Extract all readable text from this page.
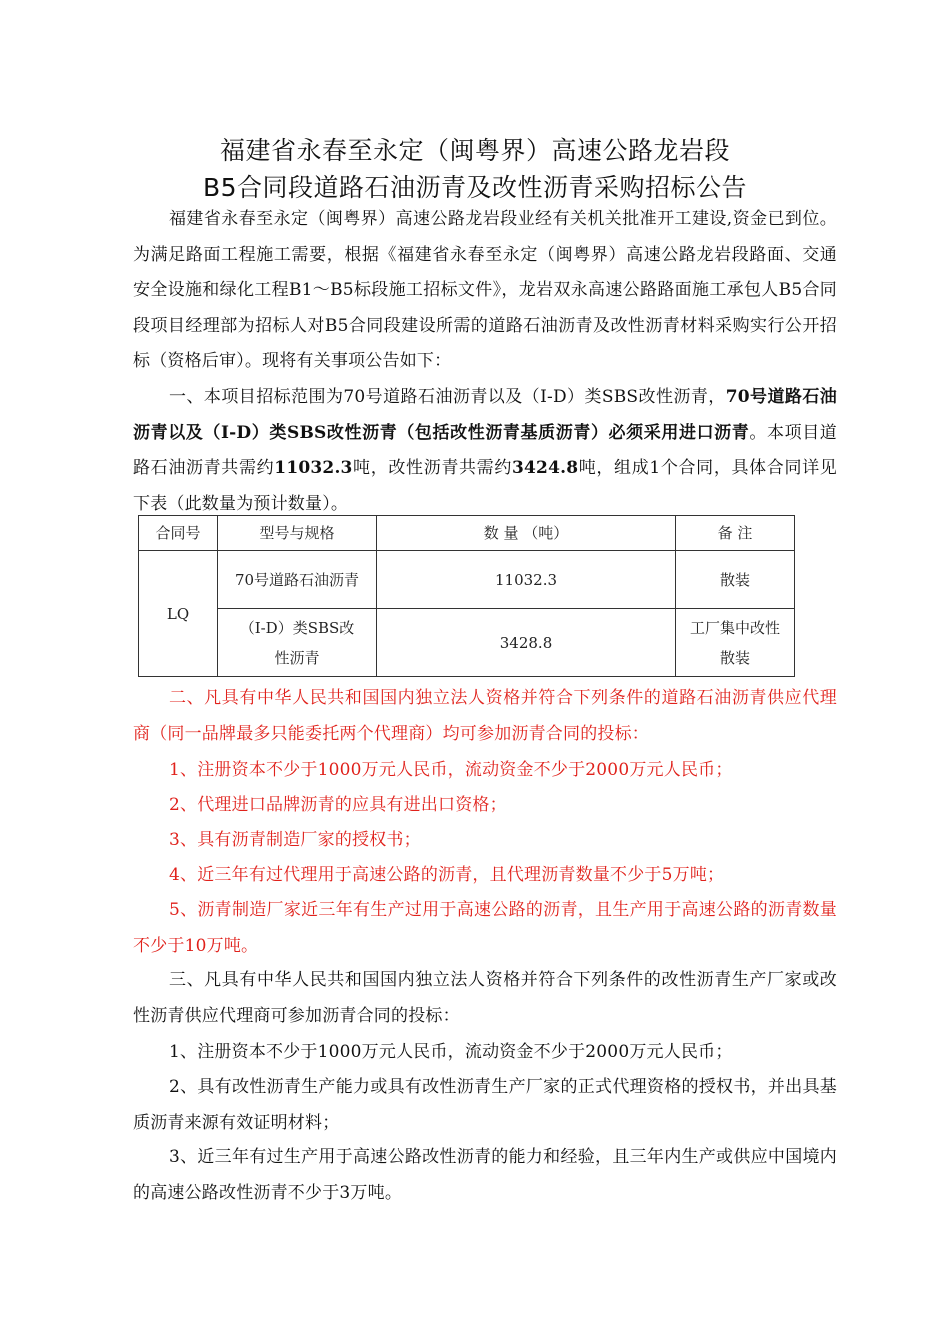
福建省永春至永定（闽粤界）高速公路龙岩段
B5合同段道路石油沥青及改性沥青采购招标公告

福建省永春至永定（闽粤界）高速公路龙岩段业经有关机关批准开工建设,资金已到位。为满足路面工程施工需要，根据《福建省永春至永定（闽粤界）高速公路龙岩段路面、交通安全设施和绿化工程B1～B5标段施工招标文件》，龙岩双永高速公路路面施工承包人B5合同段项目经理部为招标人对B5合同段建设所需的道路石油沥青及改性沥青材料采购实行公开招标（资格后审）。现将有关事项公告如下：

一、本项目招标范围为70号道路石油沥青以及（I-D）类SBS改性沥青，70号道路石油沥青以及（I-D）类SBS改性沥青（包括改性沥青基质沥青）必须采用进口沥青。本项目道路石油沥青共需约11032.3吨，改性沥青共需约3424.8吨，组成1个合同，具体合同详见下表（此数量为预计数量）。

合同号	型号与规格	数 量 （吨）	备 注
LQ	70号道路石油沥青	11032.3	散装
	（I-D）类SBS改性沥青	3428.8	工厂集中改性散装

二、凡具有中华人民共和国国内独立法人资格并符合下列条件的道路石油沥青供应代理商（同一品牌最多只能委托两个代理商）均可参加沥青合同的投标：

1、注册资本不少于1000万元人民币，流动资金不少于2000万元人民币；

2、代理进口品牌沥青的应具有进出口资格；

3、具有沥青制造厂家的授权书；

4、近三年有过代理用于高速公路的沥青，且代理沥青数量不少于5万吨；

5、沥青制造厂家近三年有生产过用于高速公路的沥青，且生产用于高速公路的沥青数量不少于10万吨。

三、凡具有中华人民共和国国内独立法人资格并符合下列条件的改性沥青生产厂家或改性沥青供应代理商可参加沥青合同的投标：

1、注册资本不少于1000万元人民币，流动资金不少于2000万元人民币；

2、具有改性沥青生产能力或具有改性沥青生产厂家的正式代理资格的授权书，并出具基质沥青来源有效证明材料；

3、近三年有过生产用于高速公路改性沥青的能力和经验，且三年内生产或供应中国境内的高速公路改性沥青不少于3万吨。
